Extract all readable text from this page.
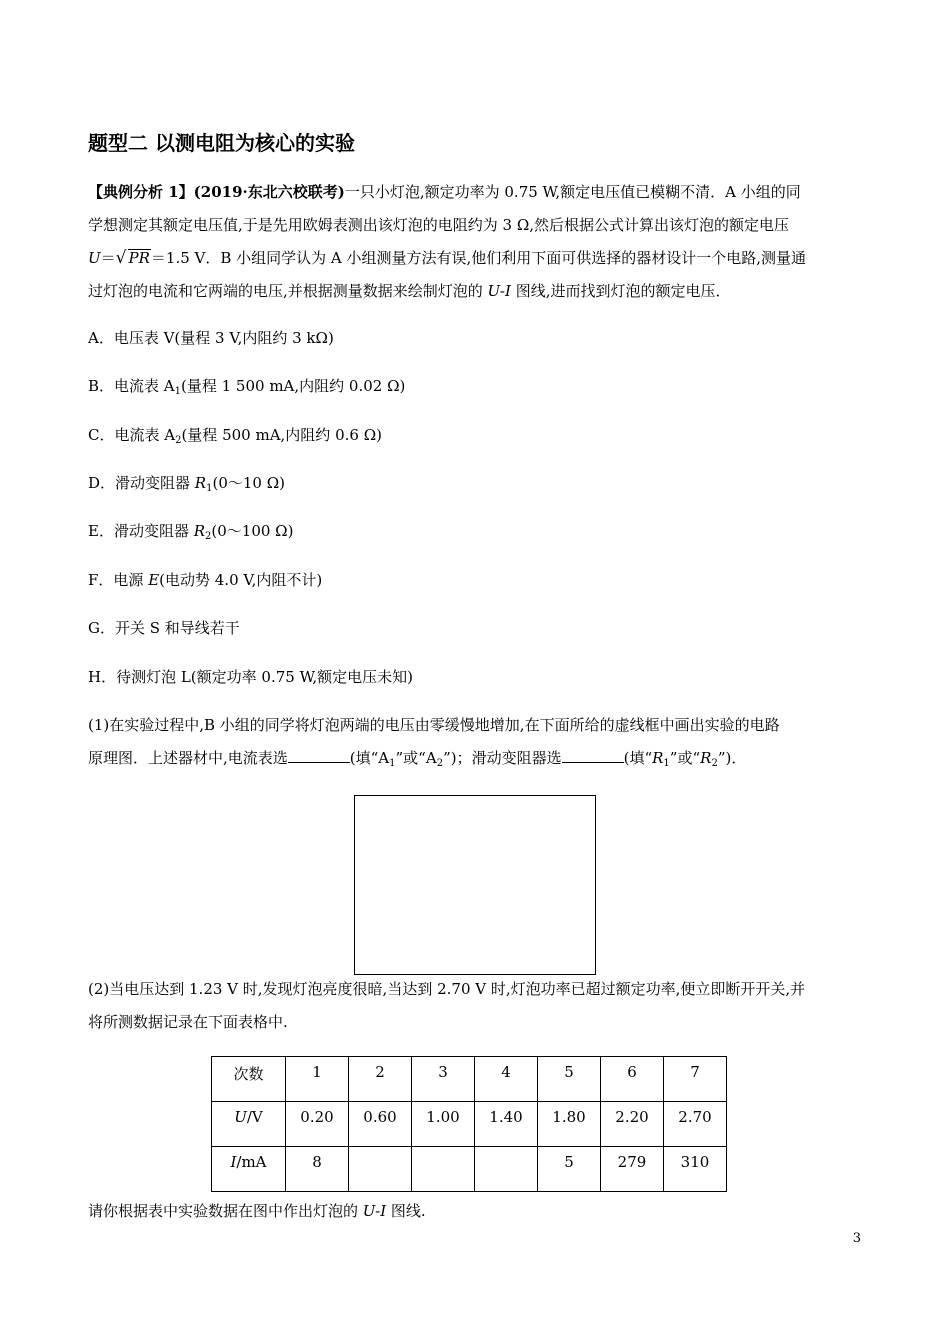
题型二 以测电阻为核心的实验
【典例分析 1】(2019·东北六校联考)一只小灯泡,额定功率为 0.75 W,额定电压值已模糊不清．A 小组的同
学想测定其额定电压值,于是先用欧姆表测出该灯泡的电阻约为 3 Ω,然后根据公式计算出该灯泡的额定电压
U＝√ PR＝1.5 V．B 小组同学认为 A 小组测量方法有误,他们利用下面可供选择的器材设计一个电路,测量通
过灯泡的电流和它两端的电压,并根据测量数据来绘制灯泡的 U-I 图线,进而找到灯泡的额定电压．
A．电压表 V(量程 3 V,内阻约 3 kΩ)
B．电流表 $A_1$(量程 1 500 mA,内阻约 0.02 Ω)
C．电流表 $A_2$(量程 500 mA,内阻约 0.6 Ω)
D．滑动变阻器 $R_1(0\sim 10$ Ω)
E．滑动变阻器 $R_2(0\sim 100$ Ω)
F．电源 E(电动势 4.0 V,内阻不计)
G．开关 S 和导线若干
H．待测灯泡 L(额定功率 0.75 W,额定电压未知)
(1)在实验过程中,B 小组的同学将灯泡两端的电压由零缓慢地增加,在下面所给的虚线框中画出实验的电路
原理图．上述器材中,电流表选	(填“$A_1$”或“$A_2$”)；滑动变阻器选	(填“$R_1$”或“$R_2$”)．
(2)当电压达到 1.23 V 时,发现灯泡亮度很暗,当达到 2.70 V 时,灯泡功率已超过额定功率,便立即断开开关,并
将所测数据记录在下面表格中.
次数	1	2	3	4	5	6	7
U/V	0.20	0.60	1.00	1.40	1.80	2.20	2.70
I/mA	8				5	279	310
请你根据表中实验数据在图中作出灯泡的 U-I 图线.
3
